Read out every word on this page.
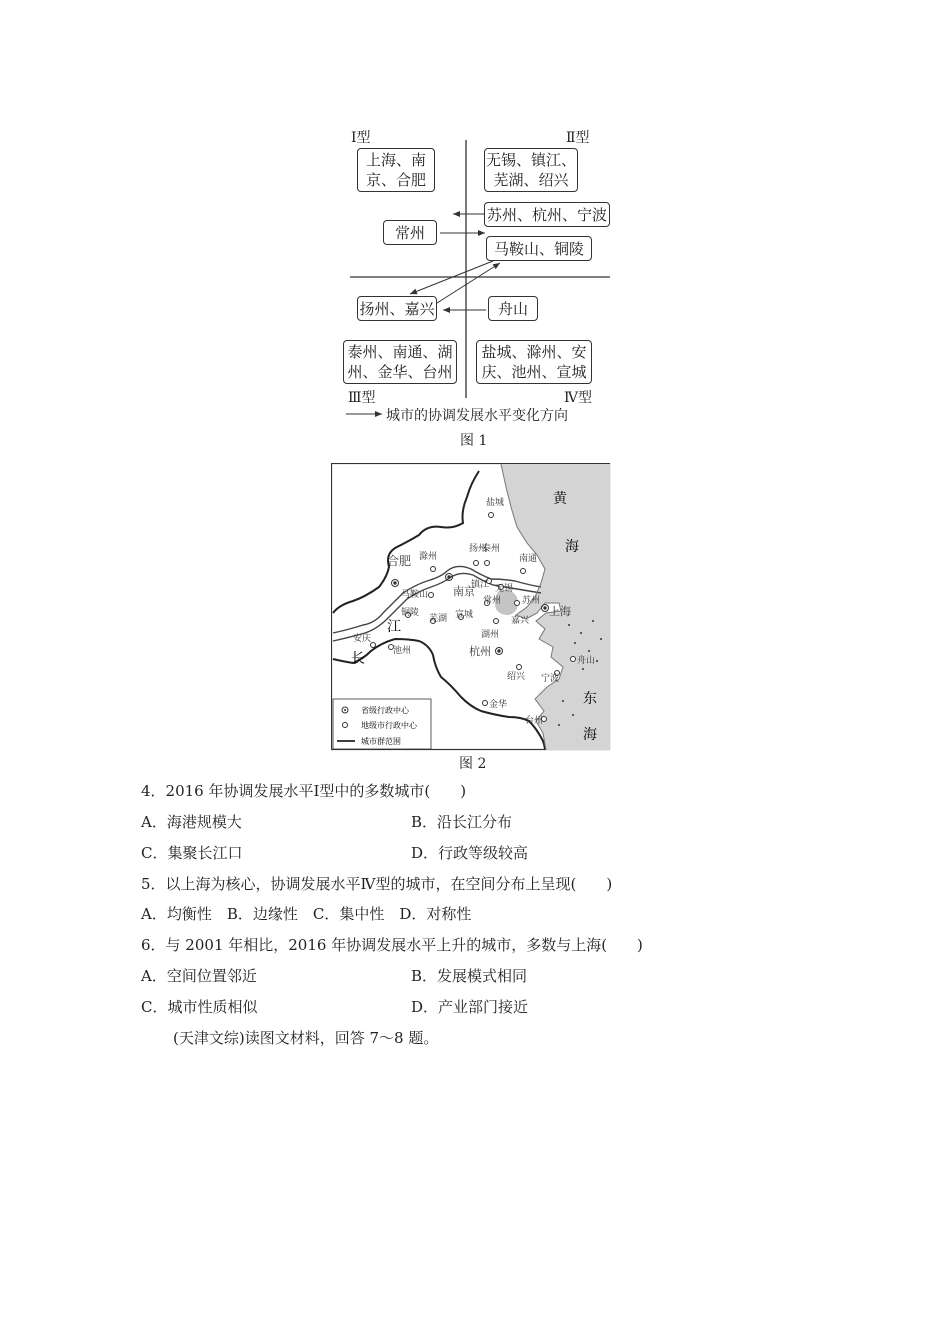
Ⅰ型	Ⅱ型
Ⅲ型	Ⅳ型
上海、南
京、合肥
无锡、镇江、
芜湖、绍兴
苏州、杭州、宁波
常州
马鞍山、铜陵
扬州、嘉兴	舟山
泰州、南通、湖
州、金华、台州
盐城、滁州、安
庆、池州、宣城
城市的协调发展水平变化方向
图 1
黄
海
东
海
江
长
盐城
滁州
扬州
泰州
南通
合肥
南京
镇江 无锡
常州 苏州
上海
马鞍山
铜陵
芜湖 宣城
安庆
池州
湖州
嘉兴
杭州
舟山
绍兴 宁波
金华
台州
省级行政中心
地级市行政中心
城市群范围
图 2
4．2016 年协调发展水平Ⅰ型中的多数城市(　　)
A．海港规模大	B．沿长江分布
C．集聚长江口	D．行政等级较高
5．以上海为核心，协调发展水平Ⅳ型的城市，在空间分布上呈现(　　)
A．均衡性　B．边缘性　C．集中性　D．对称性
6．与 2001 年相比，2016 年协调发展水平上升的城市，多数与上海(　　)
A．空间位置邻近	B．发展模式相同
C．城市性质相似	D．产业部门接近
(天津文综)读图文材料，回答 7～8 题。
